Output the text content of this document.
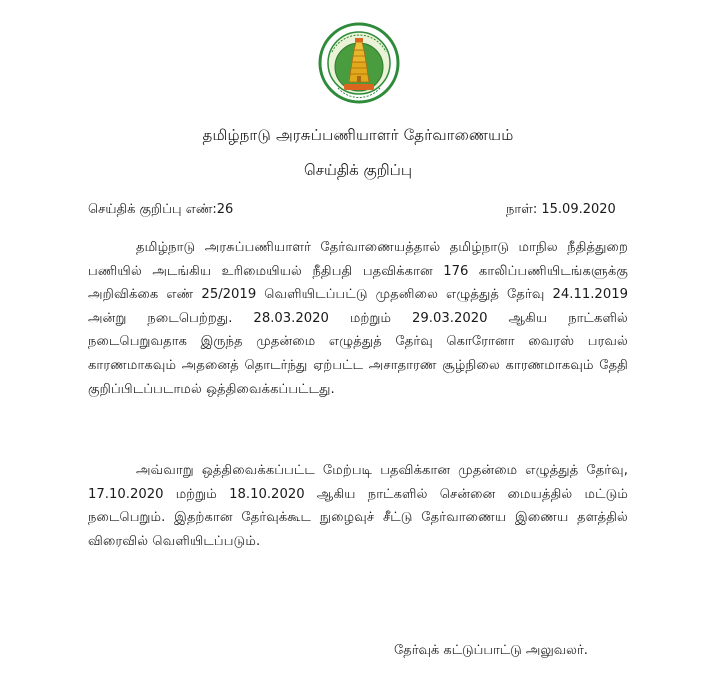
தமிழ்நாடு அரசுப்பணியாளர் தேர்வாணையம்
செய்திக் குறிப்பு
செய்திக் குறிப்பு எண்:26	நாள்: 15.09.2020

தமிழ்நாடு அரசுப்பணியாளர் தேர்வாணையத்தால் தமிழ்நாடு மாநில நீதித்துறை பணியில் அடங்கிய உரிமையியல் நீதிபதி பதவிக்கான 176 காலிப்பணியிடங்களுக்கு அறிவிக்கை எண் 25/2019 வெளியிடப்பட்டு முதனிலை எழுத்துத் தேர்வு 24.11.2019 அன்று நடைபெற்றது. 28.03.2020 மற்றும் 29.03.2020 ஆகிய நாட்களில் நடைபெறுவதாக இருந்த முதன்மை எழுத்துத் தேர்வு கொரோனா வைரஸ் பரவல் காரணமாகவும் அதனைத் தொடர்ந்து ஏற்பட்ட அசாதாரண சூழ்நிலை காரணமாகவும் தேதி குறிப்பிடப்படாமல் ஒத்திவைக்கப்பட்டது.

அவ்வாறு ஒத்திவைக்கப்பட்ட மேற்படி பதவிக்கான முதன்மை எழுத்துத் தேர்வு, 17.10.2020 மற்றும் 18.10.2020 ஆகிய நாட்களில் சென்னை மையத்தில் மட்டும் நடைபெறும். இதற்கான தேர்வுக்கூட நுழைவுச் சீட்டு தேர்வாணைய இணைய தளத்தில் விரைவில் வெளியிடப்படும்.

தேர்வுக் கட்டுப்பாட்டு அலுவலர்.
